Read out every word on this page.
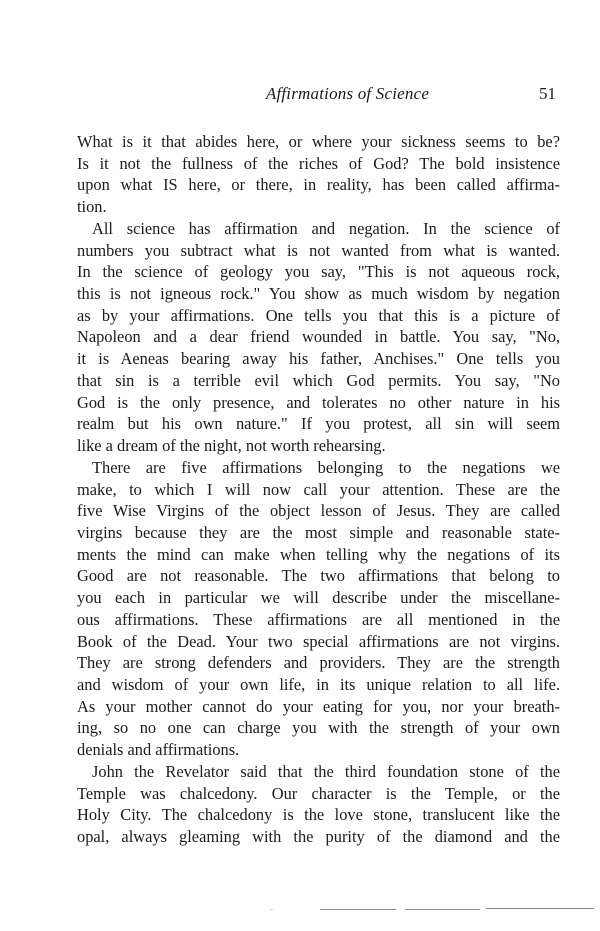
Affirmations of Science	51
What is it that abides here, or where your sickness seems to be?
Is it not the fullness of the riches of God? The bold insistence
upon what IS here, or there, in reality, has been called affirma-
tion.
All science has affirmation and negation. In the science of
numbers you subtract what is not wanted from what is wanted.
In the science of geology you say, "This is not aqueous rock,
this is not igneous rock." You show as much wisdom by negation
as by your affirmations. One tells you that this is a picture of
Napoleon and a dear friend wounded in battle. You say, "No,
it is Aeneas bearing away his father, Anchises." One tells you
that sin is a terrible evil which God permits. You say, "No
God is the only presence, and tolerates no other nature in his
realm but his own nature." If you protest, all sin will seem
like a dream of the night, not worth rehearsing.
There are five affirmations belonging to the negations we
make, to which I will now call your attention. These are the
five Wise Virgins of the object lesson of Jesus. They are called
virgins because they are the most simple and reasonable state-
ments the mind can make when telling why the negations of its
Good are not reasonable. The two affirmations that belong to
you each in particular we will describe under the miscellane-
ous affirmations. These affirmations are all mentioned in the
Book of the Dead. Your two special affirmations are not virgins.
They are strong defenders and providers. They are the strength
and wisdom of your own life, in its unique relation to all life.
As your mother cannot do your eating for you, nor your breath-
ing, so no one can charge you with the strength of your own
denials and affirmations.
John the Revelator said that the third foundation stone of the
Temple was chalcedony. Our character is the Temple, or the
Holy City. The chalcedony is the love stone, translucent like the
opal, always gleaming with the purity of the diamond and the
